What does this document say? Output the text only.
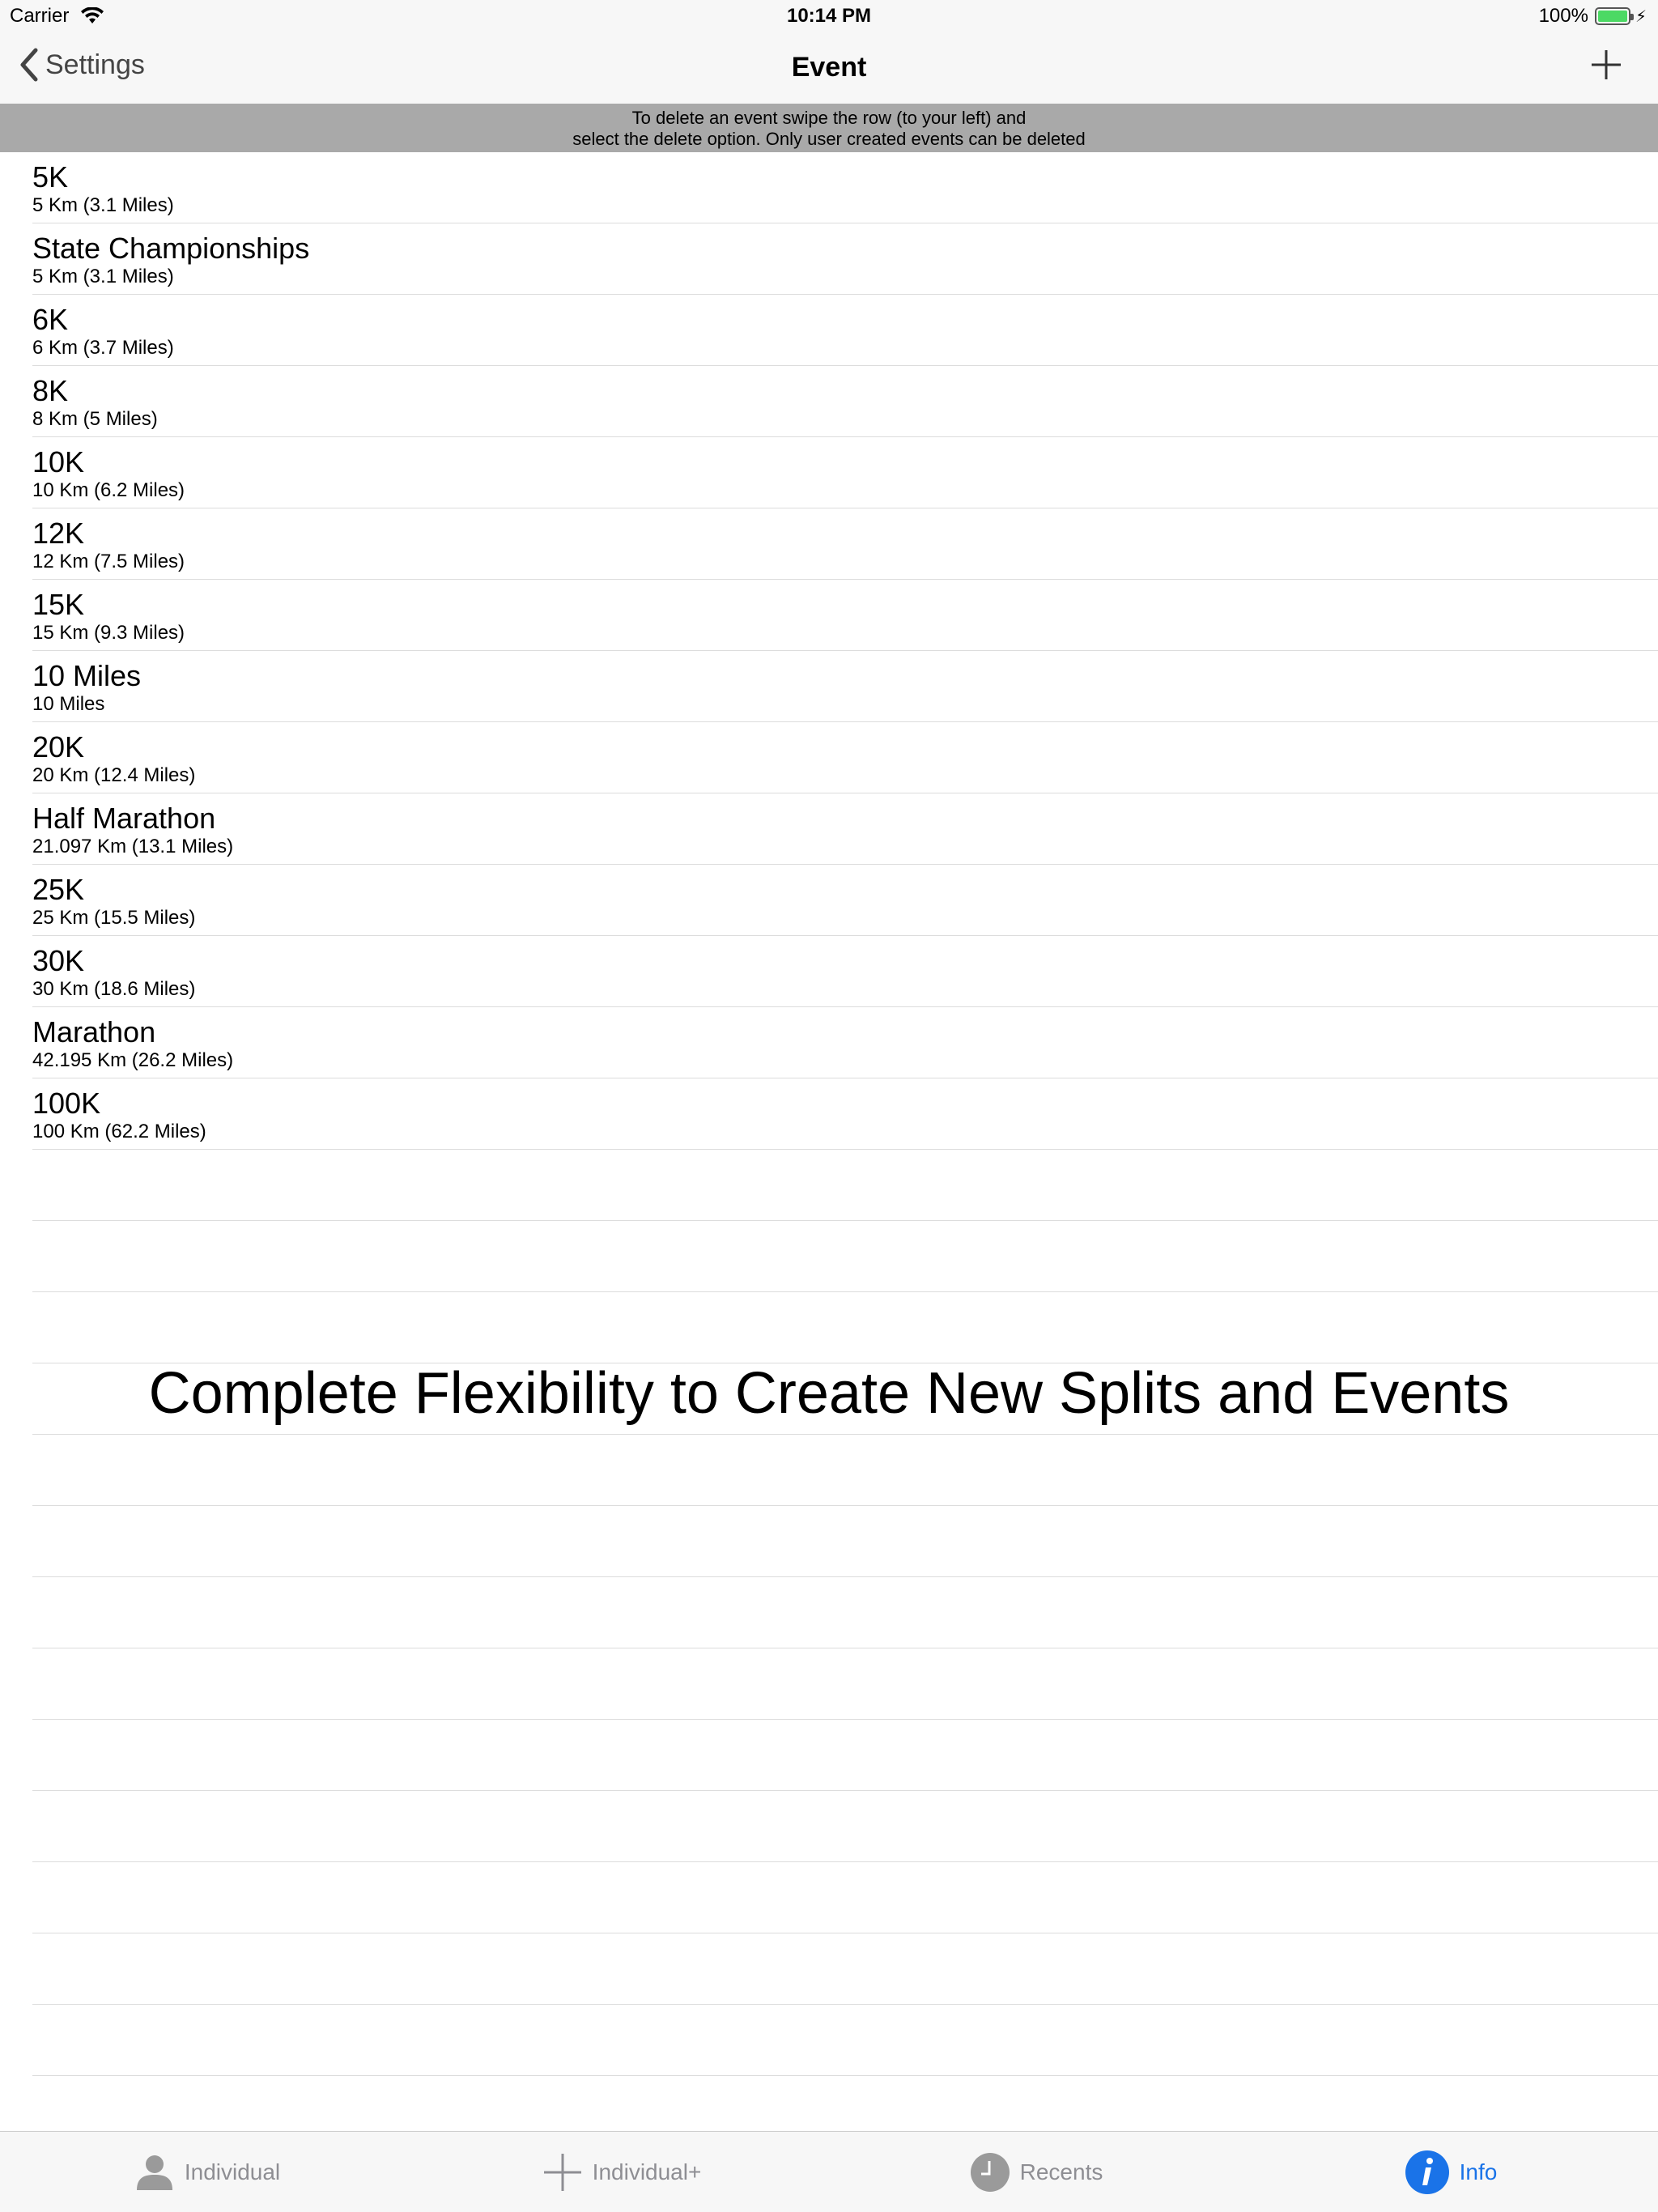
Carrier	10:14 PM	100%	⚡
Settings	Event
To delete an event swipe the row (to your left) and
select the delete option. Only user created events can be deleted
5K
5 Km (3.1 Miles)
State Championships
5 Km (3.1 Miles)
6K
6 Km (3.7 Miles)
8K
8 Km (5 Miles)
10K
10 Km (6.2 Miles)
12K
12 Km (7.5 Miles)
15K
15 Km (9.3 Miles)
10 Miles
10 Miles
20K
20 Km (12.4 Miles)
Half Marathon
21.097 Km (13.1 Miles)
25K
25 Km (15.5 Miles)
30K
30 Km (18.6 Miles)
Marathon
42.195 Km (26.2 Miles)
100K
100 Km (62.2 Miles)
Complete Flexibility to Create New Splits and Events
Individual	Individual+	Recents	Info
